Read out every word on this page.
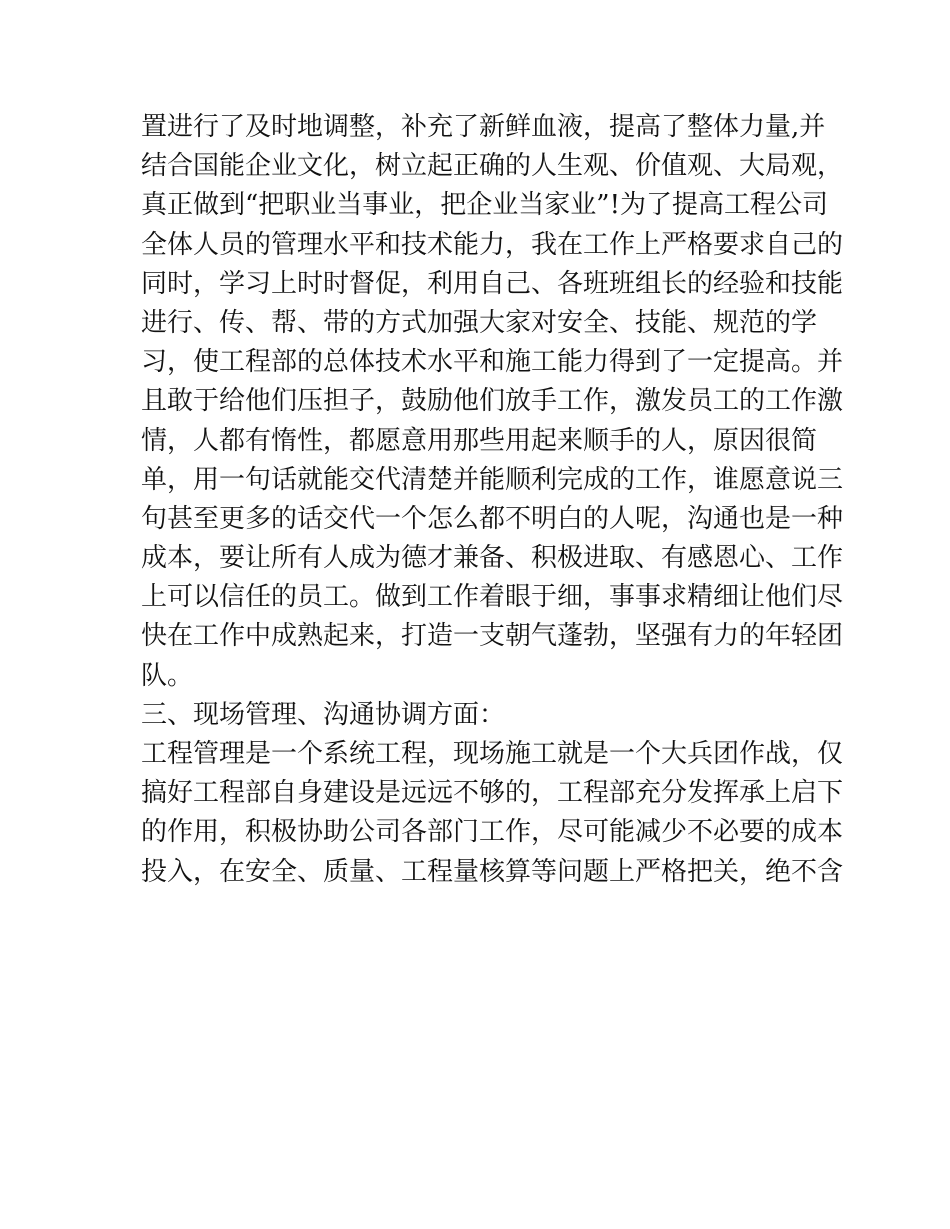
置进行了及时地调整，补充了新鲜血液，提高了整体力量,并
结合国能企业文化，树立起正确的人生观、价值观、大局观，
真正做到“把职业当事业，把企业当家业”!为了提高工程公司
全体人员的管理水平和技术能力，我在工作上严格要求自己的
同时，学习上时时督促，利用自己、各班班组长的经验和技能
进行、传、帮、带的方式加强大家对安全、技能、规范的学
习，使工程部的总体技术水平和施工能力得到了一定提高。并
且敢于给他们压担子，鼓励他们放手工作，激发员工的工作激
情，人都有惰性，都愿意用那些用起来顺手的人，原因很简
单，用一句话就能交代清楚并能顺利完成的工作，谁愿意说三
句甚至更多的话交代一个怎么都不明白的人呢，沟通也是一种
成本，要让所有人成为德才兼备、积极进取、有感恩心、工作
上可以信任的员工。做到工作着眼于细，事事求精细让他们尽
快在工作中成熟起来，打造一支朝气蓬勃，坚强有力的年轻团
队。
三、现场管理、沟通协调方面：
工程管理是一个系统工程，现场施工就是一个大兵团作战，仅
搞好工程部自身建设是远远不够的，工程部充分发挥承上启下
的作用，积极协助公司各部门工作，尽可能减少不必要的成本
投入，在安全、质量、工程量核算等问题上严格把关，绝不含
